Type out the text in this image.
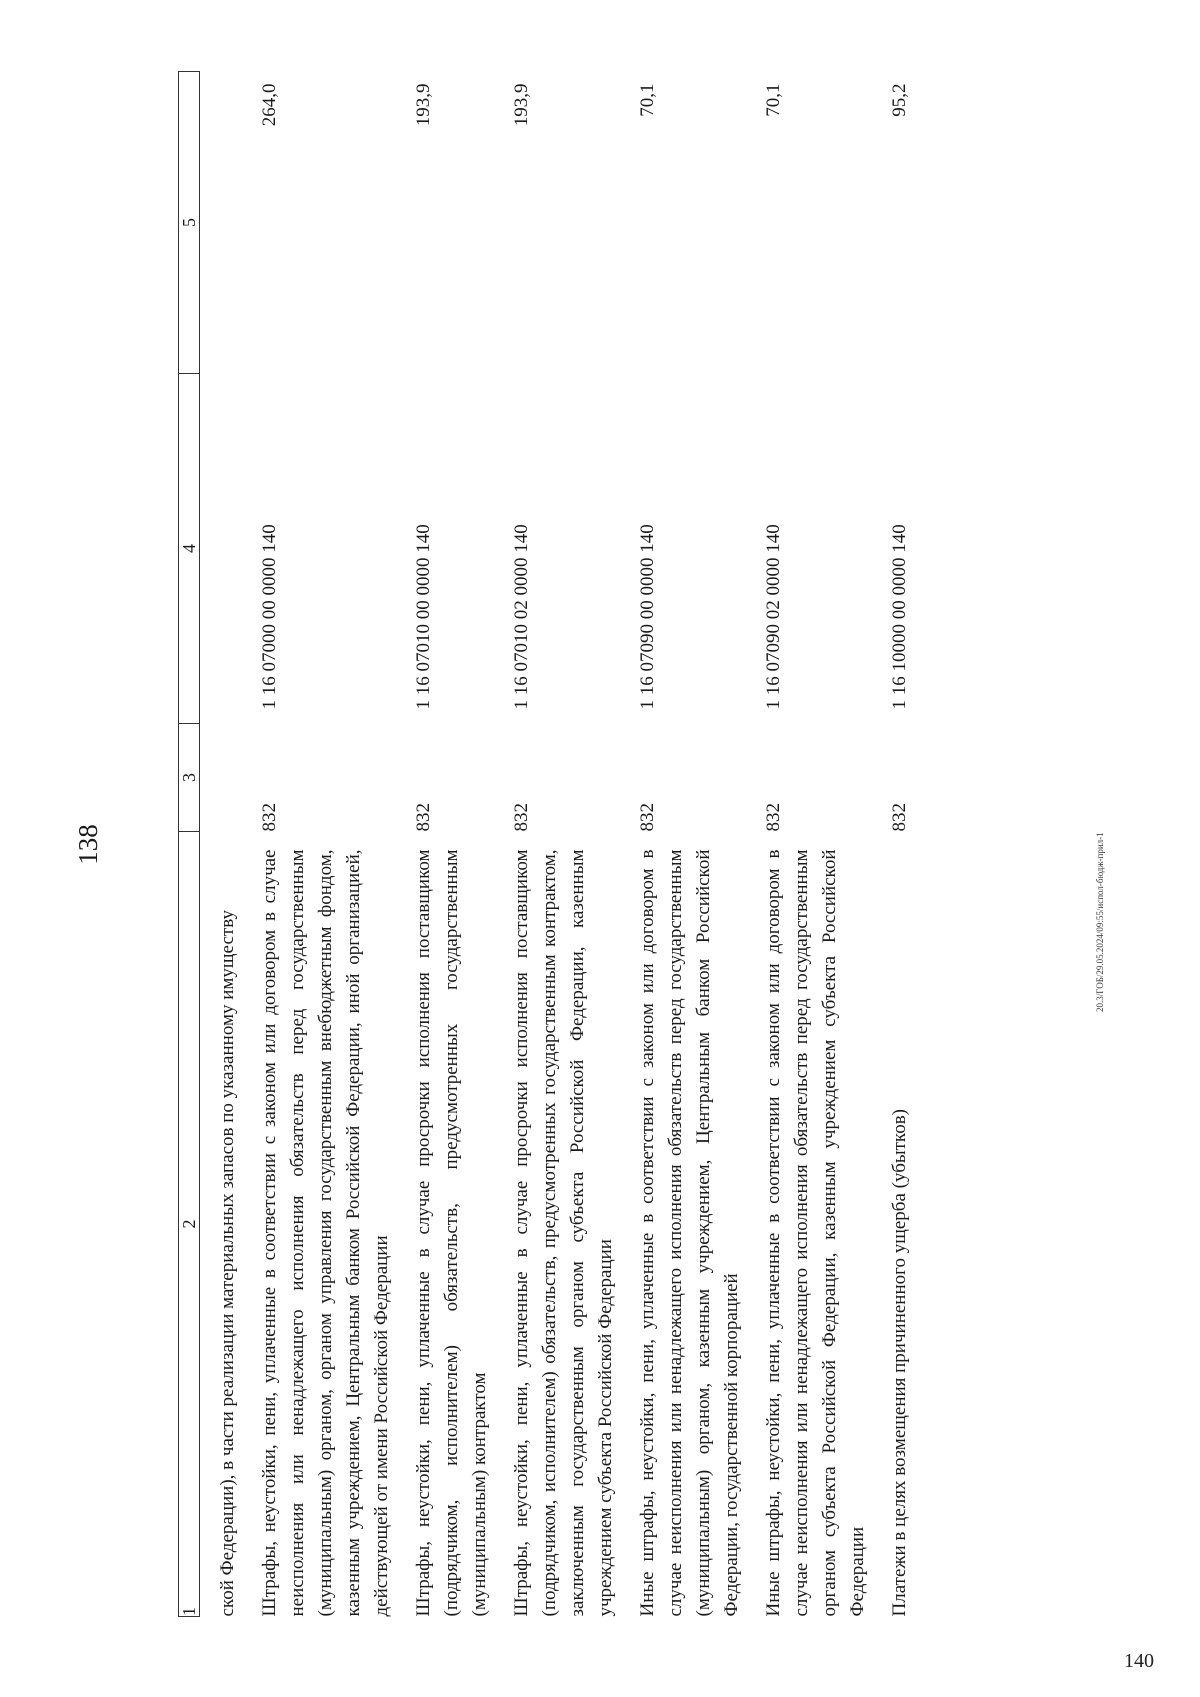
138
1	2	3	4	5
	ской Федерации), в части реализации материальных запасов по указанному имуществу			
	Штрафы, неустойки, пени, уплаченные в соответствии с законом или договором в случае неисполнения или ненадлежащего исполнения обязательств перед государственным (муниципальным) органом, органом управления государственным внебюджетным фондом, казенным учреждением, Центральным банком Российской Федерации, иной организацией, действующей от имени Российской Федерации	832	1 16 07000 00 0000 140	264,0
	Штрафы, неустойки, пени, уплаченные в случае просрочки исполнения поставщиком (подрядчиком, исполнителем) обязательств, предусмотренных государственным (муниципальным) контрактом	832	1 16 07010 00 0000 140	193,9
	Штрафы, неустойки, пени, уплаченные в случае просрочки исполнения поставщиком (подрядчиком, исполнителем) обязательств, предусмотренных государственным контрактом, заключенным государственным органом субъекта Российской Федерации, казенным учреждением субъекта Российской Федерации	832	1 16 07010 02 0000 140	193,9
	Иные штрафы, неустойки, пени, уплаченные в соответствии с законом или договором в случае неисполнения или ненадлежащего исполнения обязательств перед государственным (муниципальным) органом, казенным учреждением, Центральным банком Российской Федерации, государственной корпорацией	832	1 16 07090 00 0000 140	70,1
	Иные штрафы, неустойки, пени, уплаченные в соответствии с законом или договором в случае неисполнения или ненадлежащего исполнения обязательств перед государственным органом субъекта Российской Федерации, казенным учреждением субъекта Российской Федерации	832	1 16 07090 02 0000 140	70,1
	Платежи в целях возмещения причиненного ущерба (убытков)	832	1 16 10000 00 0000 140	95,2
20.3/ГОБ/29.05.2024/09:55/испол-бюдж-прил-1
140
